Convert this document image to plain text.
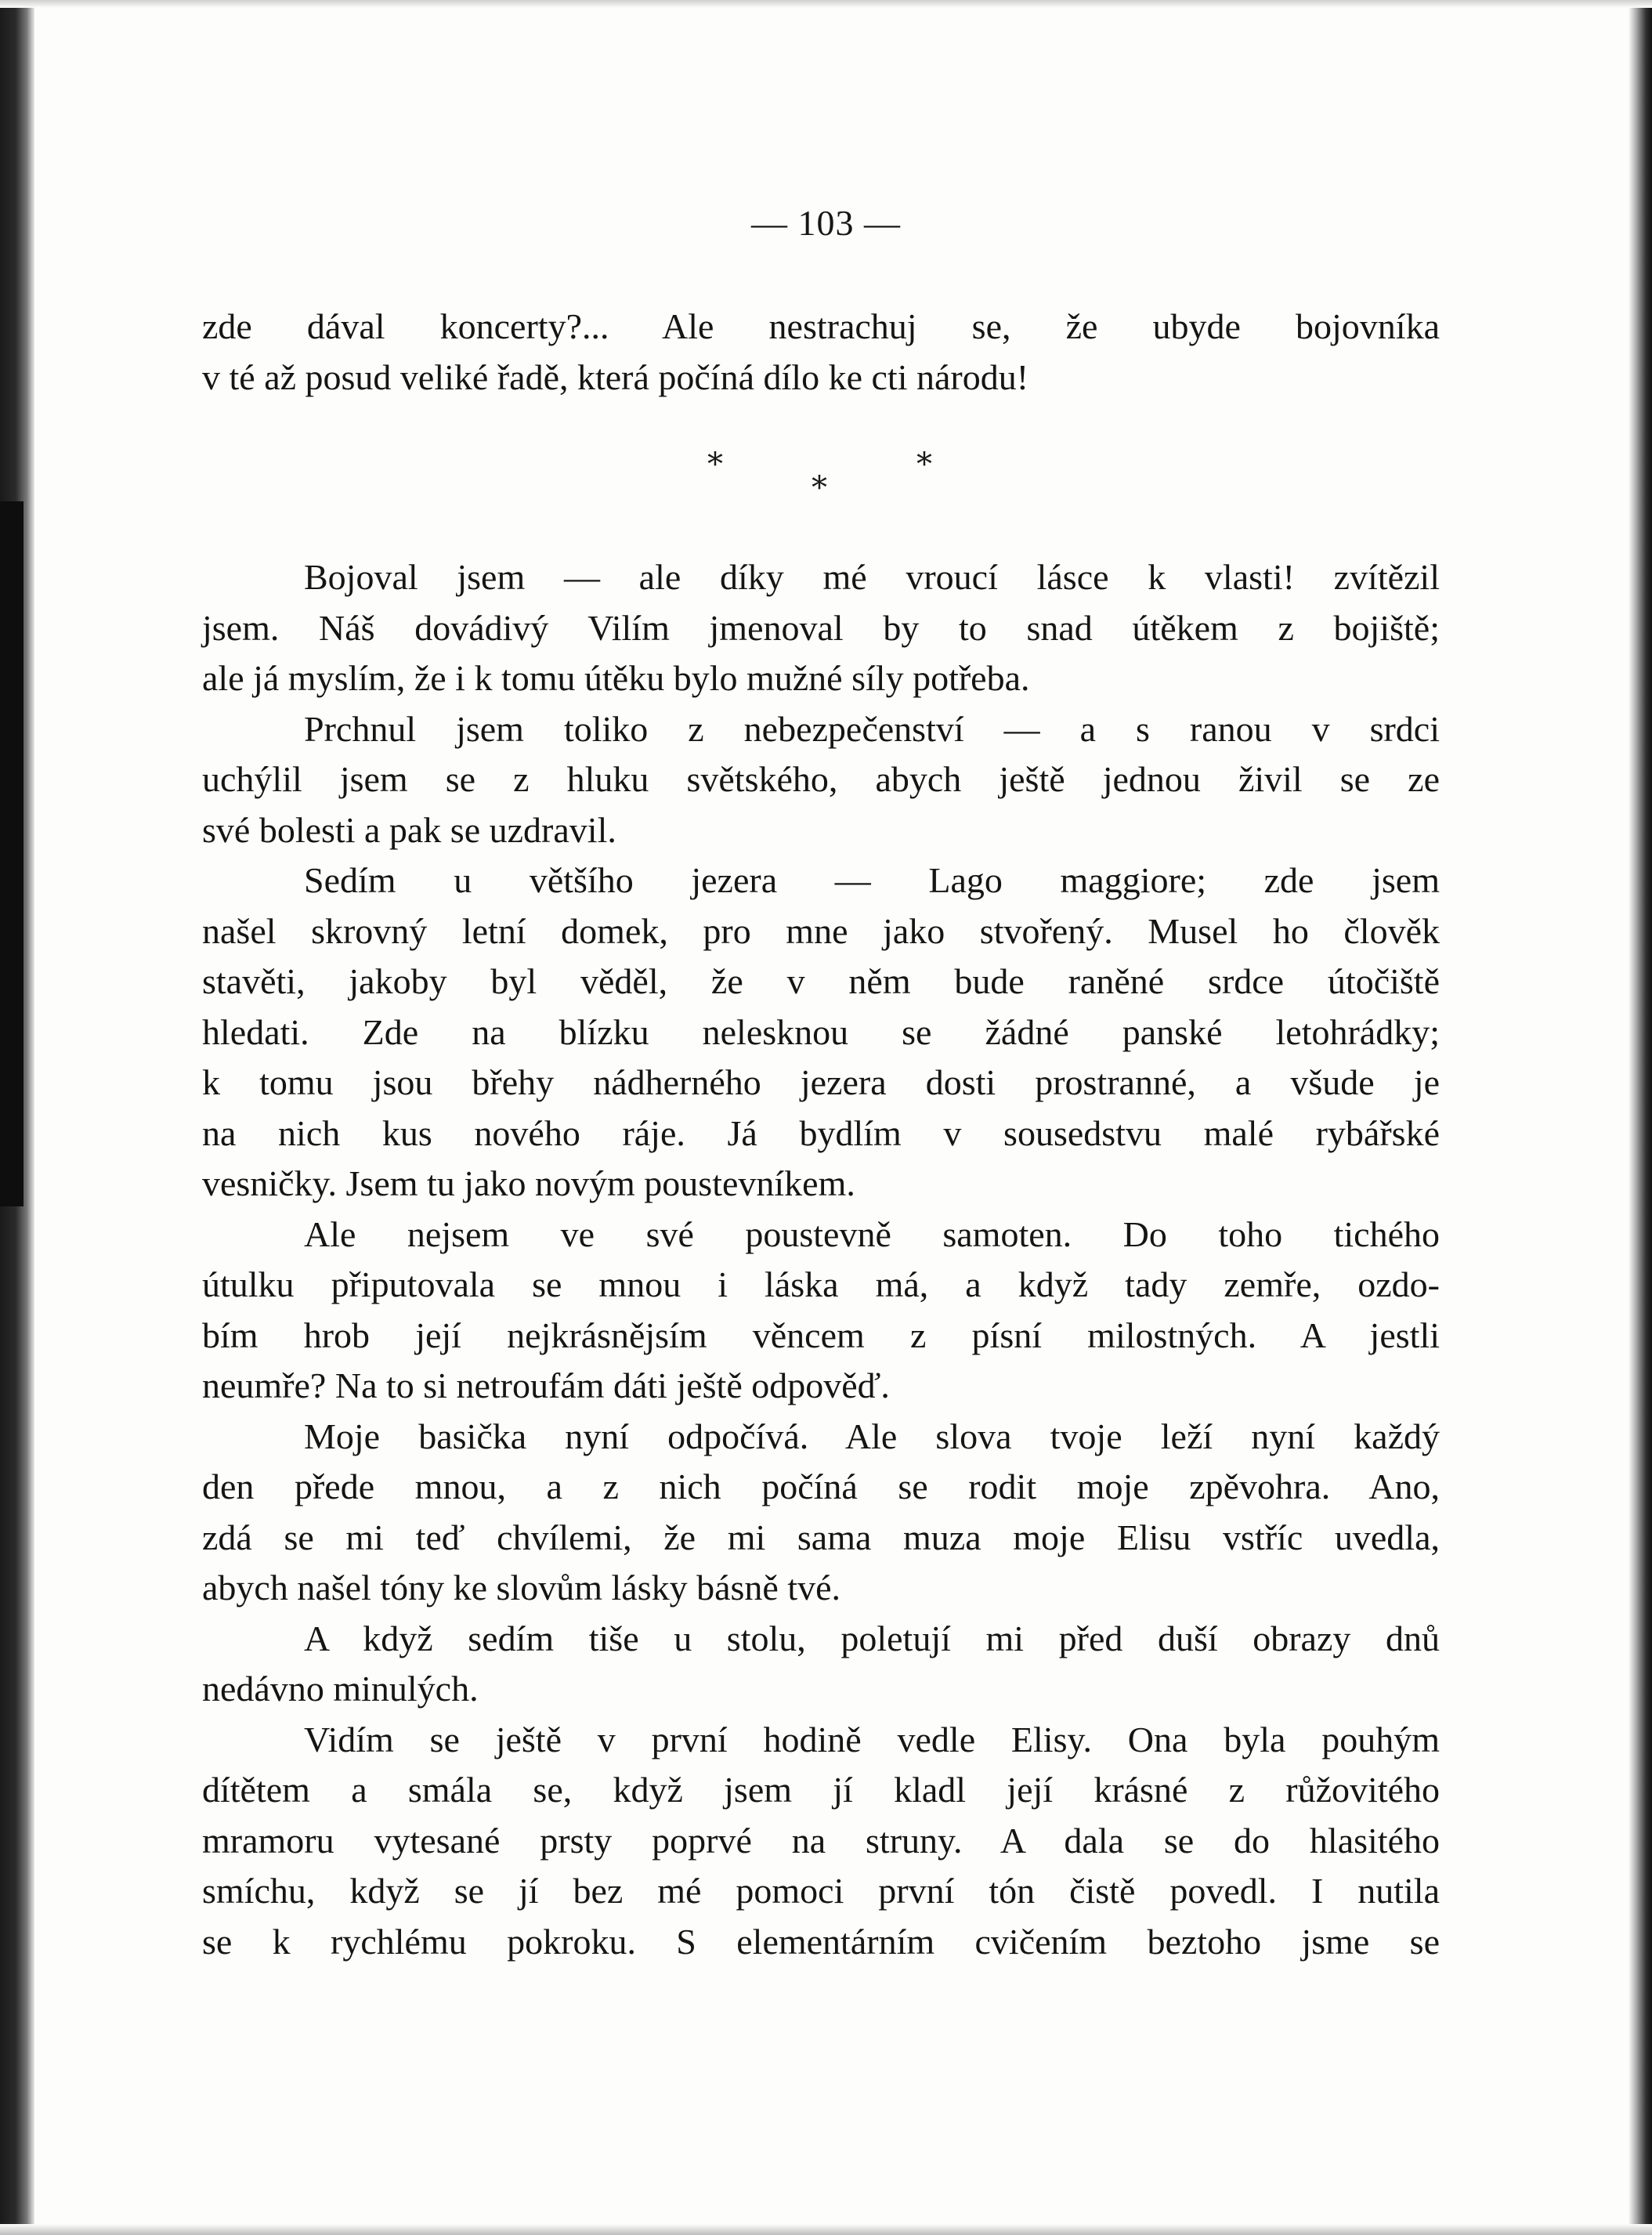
— 103 —
zde dával koncerty?... Ale nestrachuj se, že ubyde bojovníka
v té až posud veliké řadě, která počíná dílo ke cti národu!
*	*
*
Bojoval jsem — ale díky mé vroucí lásce k vlasti! zvítězil
jsem. Náš dovádivý Vilím jmenoval by to snad útěkem z bojiště;
ale já myslím, že i k tomu útěku bylo mužné síly potřeba.
Prchnul jsem toliko z nebezpečenství — a s ranou v srdci
uchýlil jsem se z hluku světského, abych ještě jednou živil se ze
své bolesti a pak se uzdravil.
Sedím u většího jezera — Lago maggiore; zde jsem
našel skrovný letní domek, pro mne jako stvořený. Musel ho člověk
stavěti, jakoby byl věděl, že v něm bude raněné srdce útočiště
hledati. Zde na blízku nelesknou se žádné panské letohrádky;
k tomu jsou břehy nádherného jezera dosti prostranné, a všude je
na nich kus nového ráje. Já bydlím v sousedstvu malé rybářské
vesničky. Jsem tu jako novým poustevníkem.
Ale nejsem ve své poustevně samoten. Do toho tichého
útulku připutovala se mnou i láska má, a když tady zemře, ozdo-
bím hrob její nejkrásnějsím věncem z písní milostných. A jestli
neumře? Na to si netroufám dáti ještě odpověď.
Moje basička nyní odpočívá. Ale slova tvoje leží nyní každý
den přede mnou, a z nich počíná se rodit moje zpěvohra. Ano,
zdá se mi teď chvílemi, že mi sama muza moje Elisu vstříc uvedla,
abych našel tóny ke slovům lásky básně tvé.
A když sedím tiše u stolu, poletují mi před duší obrazy dnů
nedávno minulých.
Vidím se ještě v první hodině vedle Elisy. Ona byla pouhým
dítětem a smála se, když jsem jí kladl její krásné z růžovitého
mramoru vytesané prsty poprvé na struny. A dala se do hlasitého
smíchu, když se jí bez mé pomoci první tón čistě povedl. I nutila
se k rychlému pokroku. S elementárním cvičením beztoho jsme se
